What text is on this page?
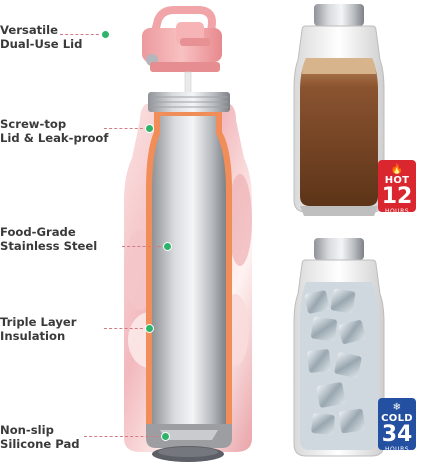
Versatile
Dual-Use Lid
Screw-top
Lid & Leak-proof
Food-Grade
Stainless Steel
Triple Layer
Insulation
Non-slip
Silicone Pad
🔥 HOT
12
HOURS
❄ COLD
34
HOURS
